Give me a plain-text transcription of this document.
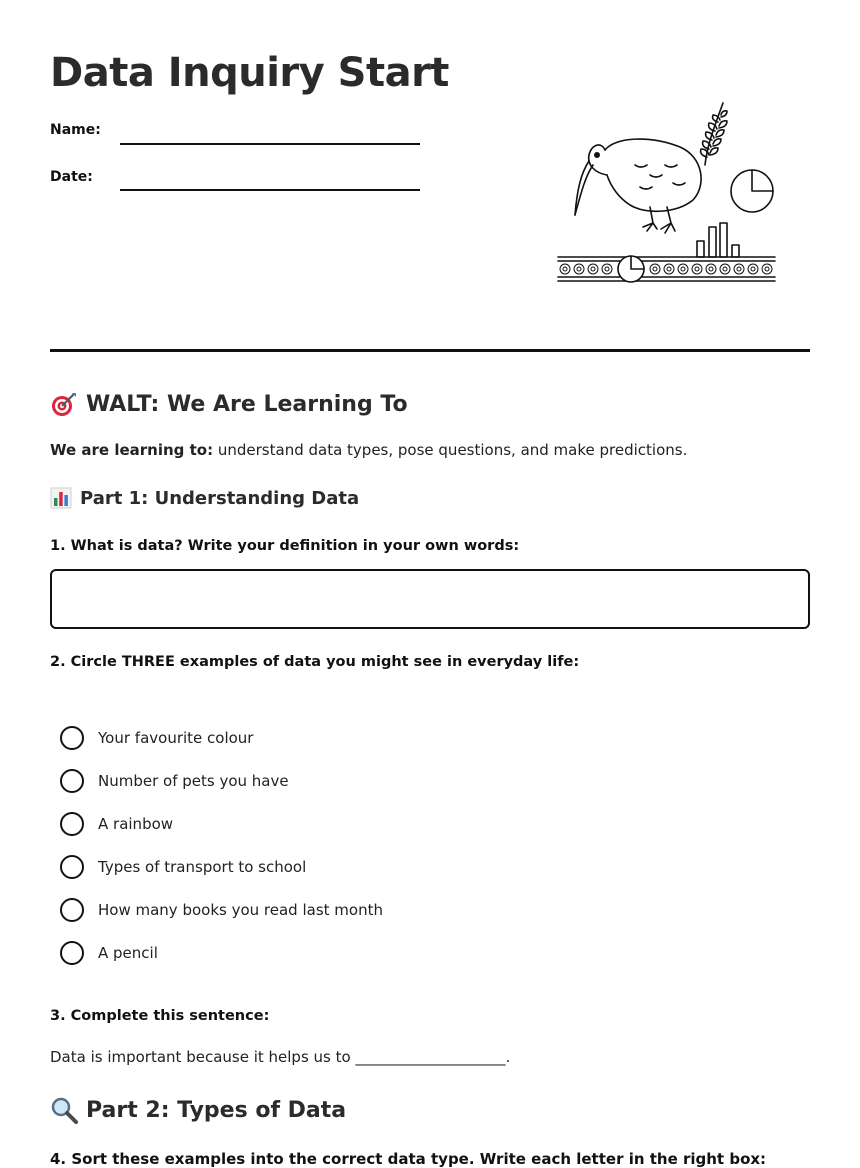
Data Inquiry Start
Name:
Date:
WALT: We Are Learning To
We are learning to: understand data types, pose questions, and make predictions.
Part 1: Understanding Data
1. What is data? Write your definition in your own words:
2. Circle THREE examples of data you might see in everyday life:
Your favourite colour
Number of pets you have
A rainbow
Types of transport to school
How many books you read last month
A pencil
3. Complete this sentence:
Data is important because it helps us to ____________________.
Part 2: Types of Data
4. Sort these examples into the correct data type. Write each letter in the right box:
